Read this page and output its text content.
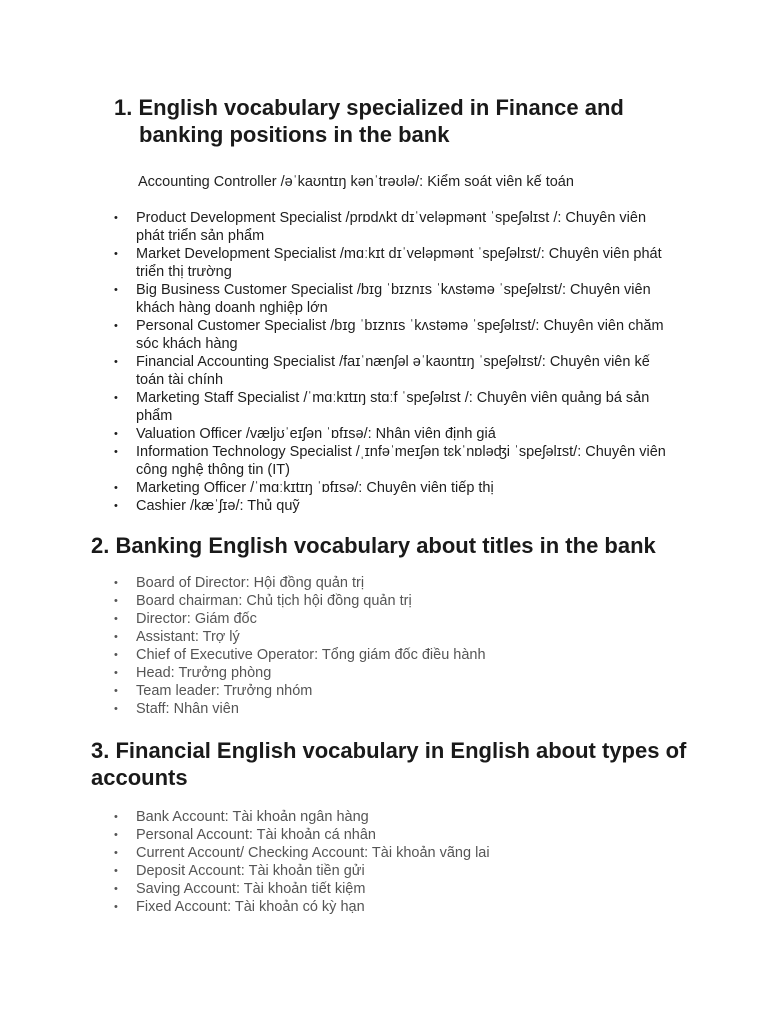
1. English vocabulary specialized in Finance and banking positions in the bank
Accounting Controller /əˈkaʊntɪŋ kənˈtrəʊlə/: Kiểm soát viên kế toán
•	Product Development Specialist /prɒdʌkt dɪˈveləpmənt ˈspeʃəlɪst /: Chuyên viên phát triển sản phẩm
•	Market Development Specialist /mɑːkɪt dɪˈveləpmənt ˈspeʃəlɪst/: Chuyên viên phát triển thị trường
•	Big Business Customer Specialist /bɪɡ ˈbɪznɪs ˈkʌstəmə ˈspeʃəlɪst/: Chuyên viên khách hàng doanh nghiệp lớn
•	Personal Customer Specialist /bɪɡ ˈbɪznɪs ˈkʌstəmə ˈspeʃəlɪst/: Chuyên viên chăm sóc khách hàng
•	Financial Accounting Specialist /faɪˈnænʃəl əˈkaʊntɪŋ ˈspeʃəlɪst/: Chuyên viên kế toán tài chính
•	Marketing Staff Specialist /ˈmɑːkɪtɪŋ stɑːf ˈspeʃəlɪst /: Chuyên viên quảng bá sản phẩm
•	Valuation Officer /væljʊˈeɪʃən ˈɒfɪsə/: Nhân viên định giá
•	Information Technology Specialist /ˌɪnfəˈmeɪʃən tɛkˈnɒləʤi ˈspeʃəlɪst/: Chuyên viên công nghệ thông tin (IT)
•	Marketing Officer /ˈmɑːkɪtɪŋ ˈɒfɪsə/: Chuyên viên tiếp thị
•	Cashier /kæˈʃɪə/: Thủ quỹ
2. Banking English vocabulary about titles in the bank
•	Board of Director: Hội đồng quản trị
•	Board chairman: Chủ tịch hội đồng quản trị
•	Director: Giám đốc
•	Assistant: Trợ lý
•	Chief of Executive Operator: Tổng giám đốc điều hành
•	Head: Trưởng phòng
•	Team leader: Trưởng nhóm
•	Staff: Nhân viên
3. Financial English vocabulary in English about types of accounts
•	Bank Account: Tài khoản ngân hàng
•	Personal Account: Tài khoản cá nhân
•	Current Account/ Checking Account: Tài khoản vãng lai
•	Deposit Account: Tài khoản tiền gửi
•	Saving Account: Tài khoản tiết kiệm
•	Fixed Account: Tài khoản có kỳ hạn
